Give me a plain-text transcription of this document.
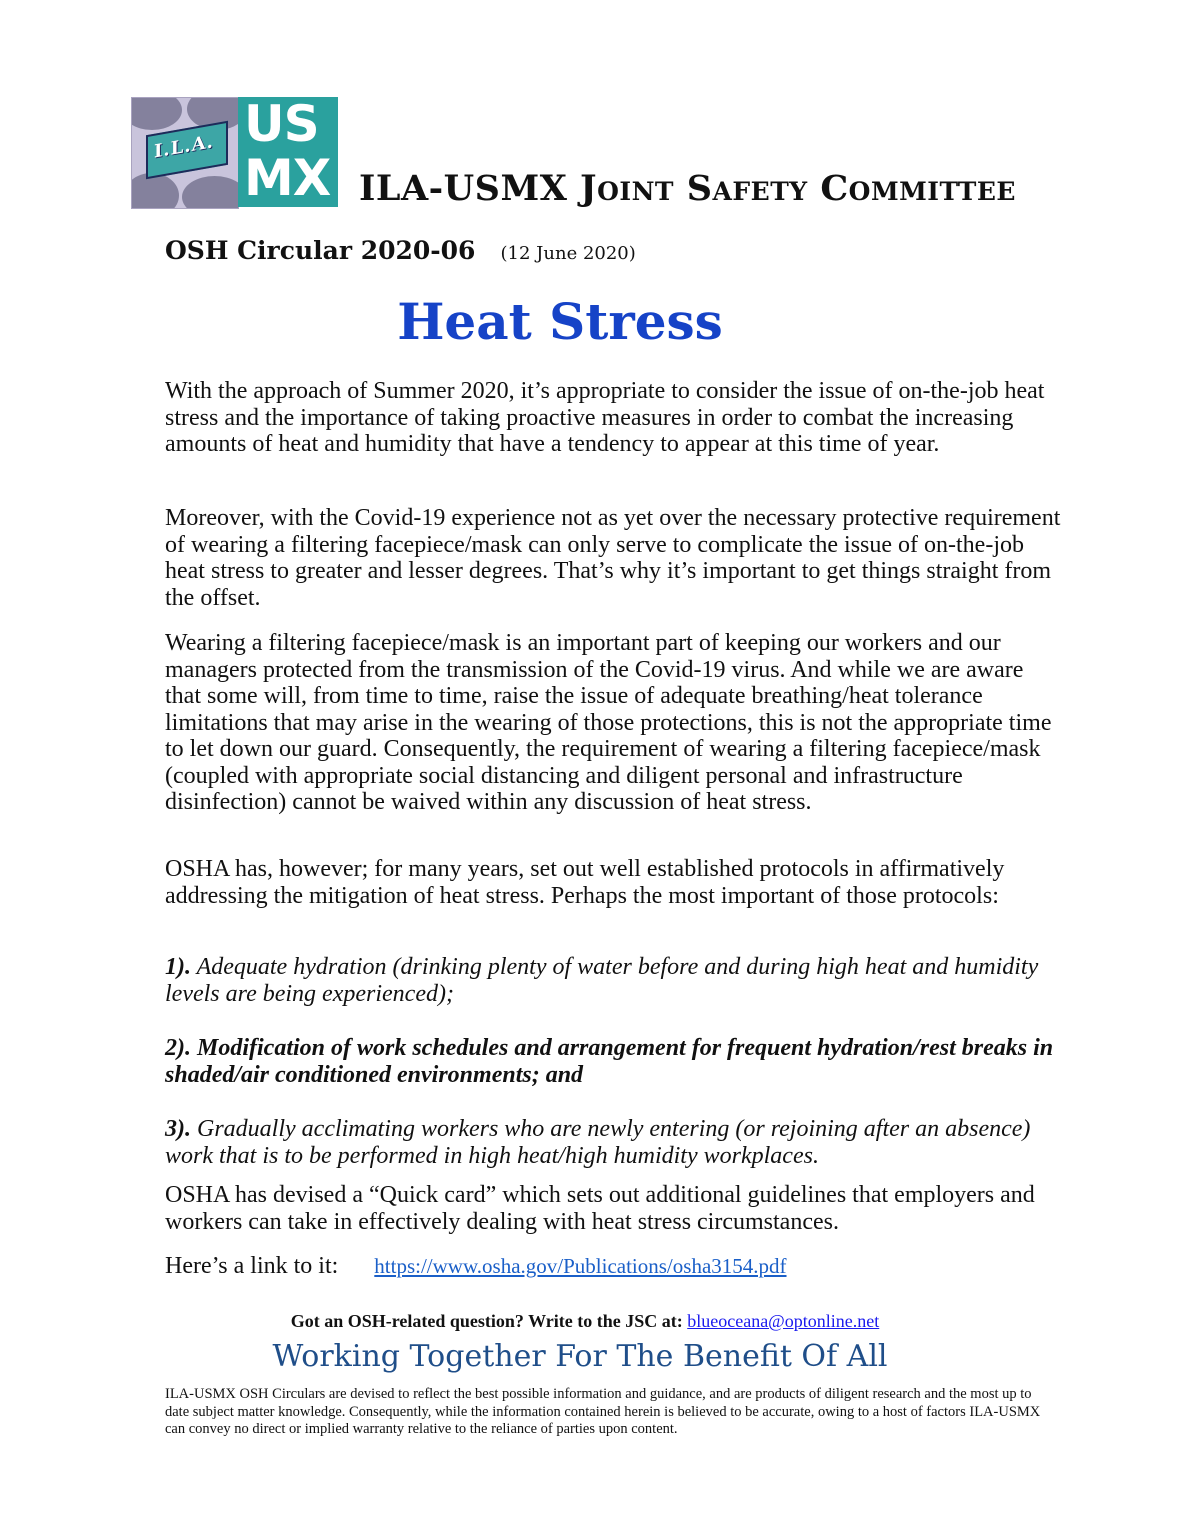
I.L.A. US
MX ILA-USMX Joint Safety Committee
OSH Circular 2020-06 (12 June 2020)
Heat Stress

With the approach of Summer 2020, it’s appropriate to consider the issue of on-the-job heat stress and the importance of taking proactive measures in order to combat the increasing amounts of heat and humidity that have a tendency to appear at this time of year.

Moreover, with the Covid-19 experience not as yet over the necessary protective requirement of wearing a filtering facepiece/mask can only serve to complicate the issue of on-the-job heat stress to greater and lesser degrees. That’s why it’s important to get things straight from the offset.

Wearing a filtering facepiece/mask is an important part of keeping our workers and our managers protected from the transmission of the Covid-19 virus. And while we are aware that some will, from time to time, raise the issue of adequate breathing/heat tolerance limitations that may arise in the wearing of those protections, this is not the appropriate time to let down our guard. Consequently, the requirement of wearing a filtering facepiece/mask (coupled with appropriate social distancing and diligent personal and infrastructure disinfection) cannot be waived within any discussion of heat stress.

OSHA has, however; for many years, set out well established protocols in affirmatively addressing the mitigation of heat stress. Perhaps the most important of those protocols:

1). Adequate hydration (drinking plenty of water before and during high heat and humidity levels are being experienced);

2). Modification of work schedules and arrangement for frequent hydration/rest breaks in shaded/air conditioned environments; and

3). Gradually acclimating workers who are newly entering (or rejoining after an absence) work that is to be performed in high heat/high humidity workplaces.

OSHA has devised a “Quick card” which sets out additional guidelines that employers and workers can take in effectively dealing with heat stress circumstances.

Here’s a link to it: https://www.osha.gov/Publications/osha3154.pdf
Got an OSH-related question? Write to the JSC at: blueoceana@optonline.net
Working Together For The Benefit Of All

ILA-USMX OSH Circulars are devised to reflect the best possible information and guidance, and are products of diligent research and the most up to date subject matter knowledge. Consequently, while the information contained herein is believed to be accurate, owing to a host of factors ILA-USMX can convey no direct or implied warranty relative to the reliance of parties upon content.
